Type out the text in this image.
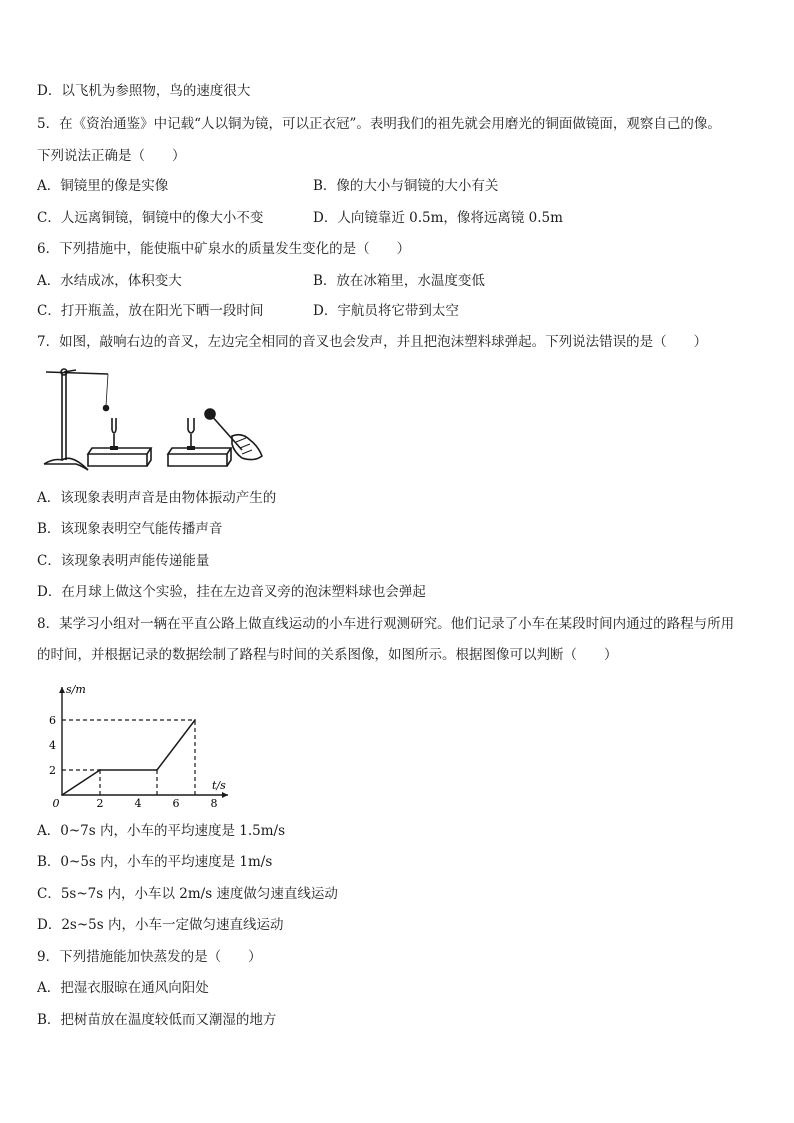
D．以飞机为参照物，鸟的速度很大
5．在《资治通鉴》中记载“人以铜为镜，可以正衣冠”。表明我们的祖先就会用磨光的铜面做镜面，观察自己的像。
下列说法正确是（　　）
A．铜镜里的像是实像	B．像的大小与铜镜的大小有关
C．人远离铜镜，铜镜中的像大小不变	D．人向镜靠近 0.5m，像将远离镜 0.5m
6．下列措施中，能使瓶中矿泉水的质量发生变化的是（　　）
A．水结成冰，体积变大	B．放在冰箱里，水温度变低
C．打开瓶盖，放在阳光下晒一段时间	D．宇航员将它带到太空
7．如图，敲响右边的音叉，左边完全相同的音叉也会发声，并且把泡沫塑料球弹起。下列说法错误的是（　　）
A．该现象表明声音是由物体振动产生的
B．该现象表明空气能传播声音
C．该现象表明声能传递能量
D．在月球上做这个实验，挂在左边音叉旁的泡沫塑料球也会弹起
8．某学习小组对一辆在平直公路上做直线运动的小车进行观测研究。他们记录了小车在某段时间内通过的路程与所用
的时间，并根据记录的数据绘制了路程与时间的关系图像，如图所示。根据图像可以判断（　　）
0	2	4	6	8
2
4
6
s/m
t/s
A．0~7s 内，小车的平均速度是 1.5m/s
B．0~5s 内，小车的平均速度是 1m/s
C．5s~7s 内，小车以 2m/s 速度做匀速直线运动
D．2s~5s 内，小车一定做匀速直线运动
9．下列措施能加快蒸发的是（　　）
A．把湿衣服晾在通风向阳处
B．把树苗放在温度较低而又潮湿的地方
